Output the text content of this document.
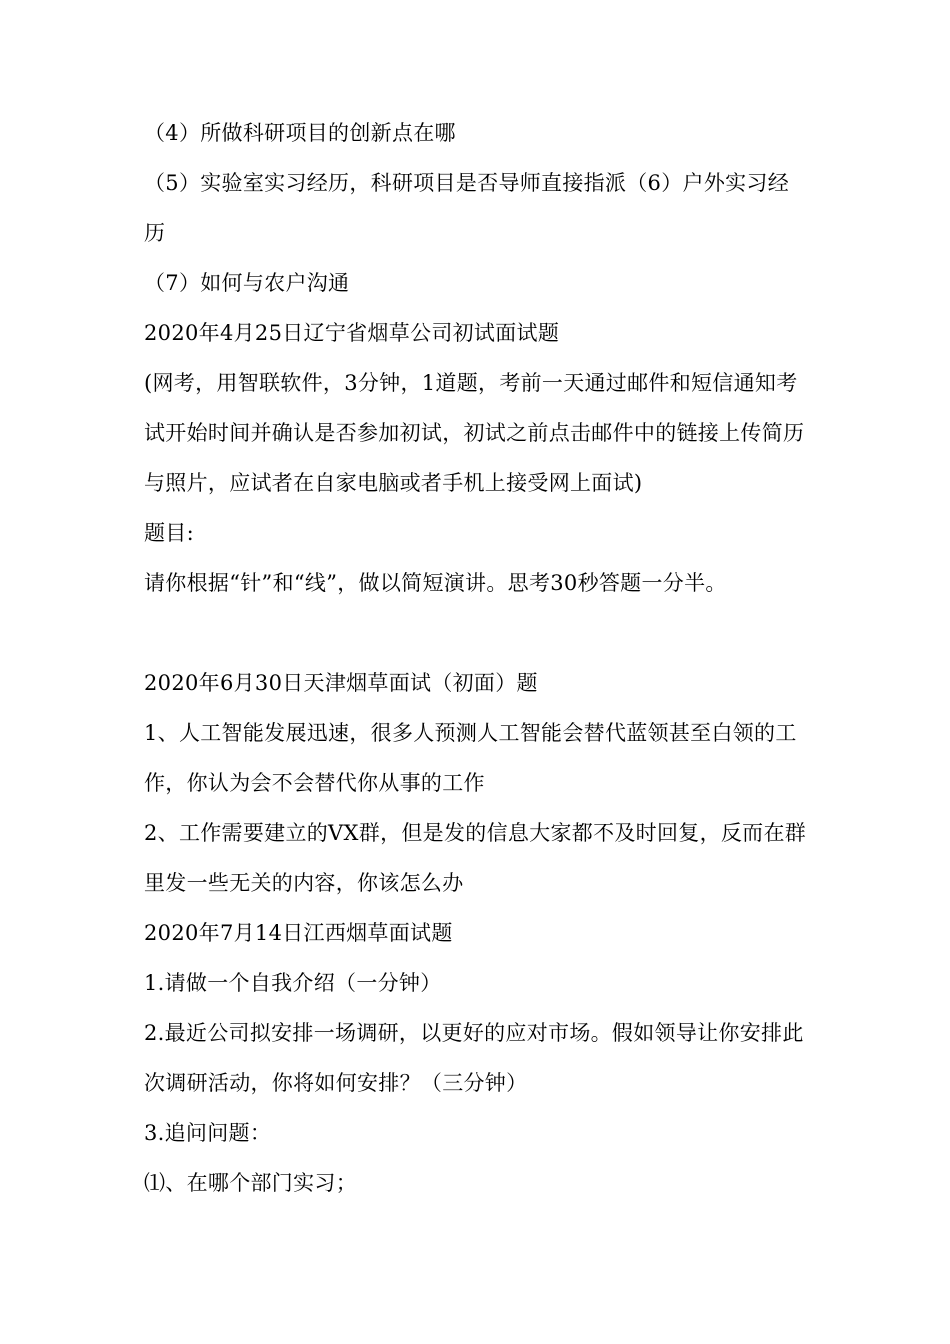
（4）所做科研项目的创新点在哪

（5）实验室实习经历，科研项目是否导师直接指派（6）户外实习经历

（7）如何与农户沟通

2020年4月25日辽宁省烟草公司初试面试题

(网考，用智联软件，3分钟，1道题，考前一天通过邮件和短信通知考试开始时间并确认是否参加初试，初试之前点击邮件中的链接上传简历与照片，应试者在自家电脑或者手机上接受网上面试)

题目:

请你根据“针”和“线”，做以简短演讲。思考30秒答题一分半。

2020年6月30日天津烟草面试（初面）题

1、人工智能发展迅速，很多人预测人工智能会替代蓝领甚至白领的工作，你认为会不会替代你从事的工作

2、工作需要建立的VX群，但是发的信息大家都不及时回复，反而在群里发一些无关的内容，你该怎么办

2020年7月14日江西烟草面试题

1.请做一个自我介绍（一分钟）

2.最近公司拟安排一场调研，以更好的应对市场。假如领导让你安排此次调研活动，你将如何安排？（三分钟）

3.追问问题：

⑴、在哪个部门实习；
